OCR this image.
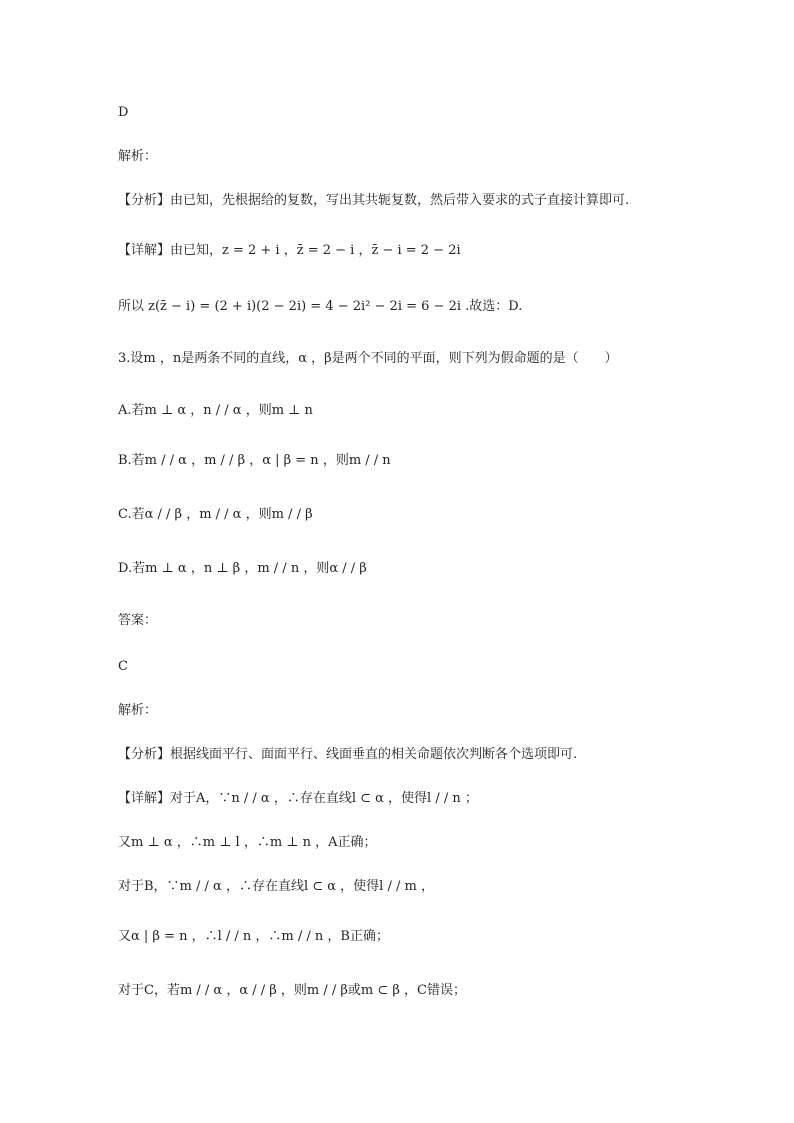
D
解析：
【分析】由已知，先根据给的复数，写出其共轭复数，然后带入要求的式子直接计算即可.
【详解】由已知，z = 2 + i ，z̄ = 2 − i ，z̄ − i = 2 − 2i
所以 z(z̄ − i) = (2 + i)(2 − 2i) = 4 − 2i² − 2i = 6 − 2i .故选：D.
3.设m ，n是两条不同的直线，α ，β是两个不同的平面，则下列为假命题的是（　　）
A.若m ⊥ α ，n / / α ，则m ⊥ n
B.若m / / α ，m / / β ，α | β = n ，则m / / n
C.若α / / β ，m / / α ，则m / / β
D.若m ⊥ α ，n ⊥ β ，m / / n ，则α / / β
答案：
C
解析：
【分析】根据线面平行、面面平行、线面垂直的相关命题依次判断各个选项即可.
【详解】对于A，∵n / / α ，∴存在直线l ⊂ α ，使得l / / n ；
又m ⊥ α ，∴m ⊥ l ，∴m ⊥ n ，A正确；
对于B，∵m / / α ，∴存在直线l ⊂ α ，使得l / / m ，
又α | β = n ，∴l / / n ，∴m / / n ，B正确；
对于C，若m / / α ，α / / β ，则m / / β或m ⊂ β ，C错误；
